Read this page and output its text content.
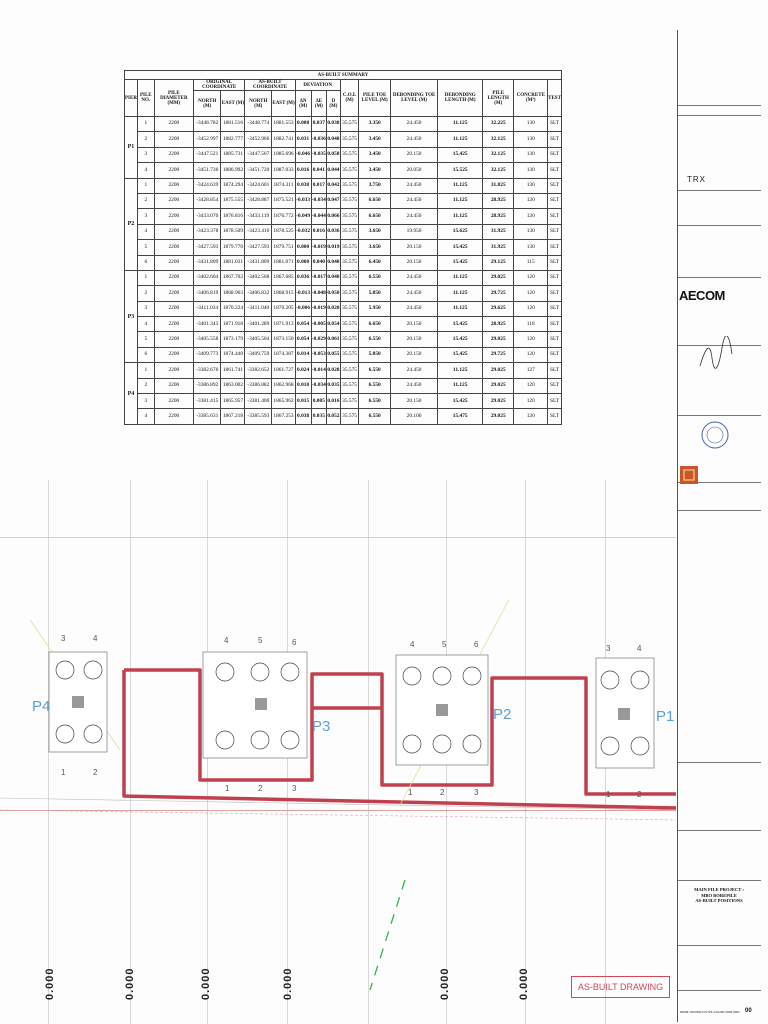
AS-BUILT SUMMARY																
PIER	PILE NO.	PILE DIAMETER (MM)	ORIGINAL COORDINATE		AS-BUILT COORDINATE		DEVIATION			C.O.L (M)	PILE TOE LEVEL (M)	DEBONDING TOE LEVEL (M)	DEBONDING LENGTH (M)	PILE LENGTH (M)	CONCRETE (M³)	TEST
			NORTH (M)	EAST (M)	NORTH (M)	EAST (M)	ΔN (M)	ΔE (M)	D (M)							
P1	1	2200	-3448.782	1881.516	-3448.774	1881.553	0.008	0.037	0.038	35.575	3.350	24.450	11.125	32.225	130	SLT
	2	2200	-3452.997	1882.777	-3452.966	1882.741	0.031	-0.036	0.048	35.575	3.450	24.450	11.125	32.125	130	SLT
	3	2200	-3447.521	1885.731	-3447.567	1885.696	-0.046	-0.035	0.058	35.575	3.450	20.150	15.425	32.125	130	SLT
	4	2200	-3451.736	1886.992	-3451.720	1887.033	0.016	0.041	0.044	35.575	3.450	20.050	15.525	32.125	130	SLT
P2	1	2200	-3424.639	1874.294	-3424.601	1874.311	0.038	0.017	0.042	35.575	3.750	24.450	11.125	31.825	130	SLT
	2	2200	-3428.854	1875.555	-3428.887	1875.521	-0.033	-0.034	0.047	35.575	6.650	24.450	11.125	28.925	120	SLT
	3	2200	-3433.070	1876.816	-3433.119	1876.772	-0.049	-0.044	0.066	35.575	6.650	24.450	11.125	28.925	120	SLT
	4	2200	-3423.378	1878.509	-3423.410	1878.525	-0.032	0.016	0.036	35.575	3.650	19.950	15.625	31.925	130	SLT
	5	2200	-3427.593	1879.770	-3427.593	1879.751	0.000	-0.019	0.019	35.575	3.650	20.150	15.425	31.925	130	SLT
	6	2200	-3431.809	1881.031	-3431.809	1881.071	0.000	0.040	0.040	35.575	6.450	20.150	15.425	29.125	115	SLT
P3	1	2200	-3402.604	1867.702	-3402.568	1867.685	0.036	-0.017	0.040	35.575	6.550	24.450	11.125	29.025	120	SLT
	2	2200	-3406.819	1868.963	-3406.832	1868.915	-0.013	-0.048	0.050	35.575	5.850	24.450	11.125	29.725	120	SLT
	3	2200	-3411.034	1870.224	-3411.040	1870.205	-0.006	-0.019	0.020	35.575	5.950	24.450	11.125	29.625	120	SLT
	4	2200	-3401.343	1871.918	-3401.289	1871.913	0.054	-0.005	0.054	35.575	6.650	20.150	15.425	28.925	118	SLT
	5	2200	-3405.558	1873.179	-3405.504	1873.150	0.054	-0.029	0.061	35.575	6.550	20.150	15.425	29.025	120	SLT
	6	2200	-3409.773	1874.440	-3409.759	1874.387	0.014	-0.053	0.055	35.575	5.850	20.150	15.425	29.725	120	SLT
P4	1	2200	-3382.676	1861.741	-3382.652	1861.727	0.024	-0.014	0.028	35.575	6.550	24.450	11.125	29.025	127	SLT
	2	2200	-3386.892	1863.002	-3386.882	1862.968	0.010	-0.034	0.035	35.575	6.550	24.450	11.125	29.025	120	SLT
	3	2200	-3381.415	1865.957	-3381.400	1865.962	0.015	0.005	0.016	35.575	6.550	20.150	15.425	29.025	120	SLT
	4	2200	-3385.631	1867.218	-3385.593	1867.253	0.038	0.035	0.052	35.575	6.550	20.100	15.475	29.025	120	SLT
P4
P3
P2	P1
3	4
1	2
4	5	6
1	2	3
4	5	6
1	2	3
3	4
1	2
0.000	0.000	0.000	0.000	0.000	0.000	AS-BUILT DRAWING
TRX
AECOM
MAIN FILE PROJECT :
MBO BOREPILE
AS-BUILT POSITIONS
DESB-TRX06W-CIV-NS-CAS-BP-0005-0001 00
